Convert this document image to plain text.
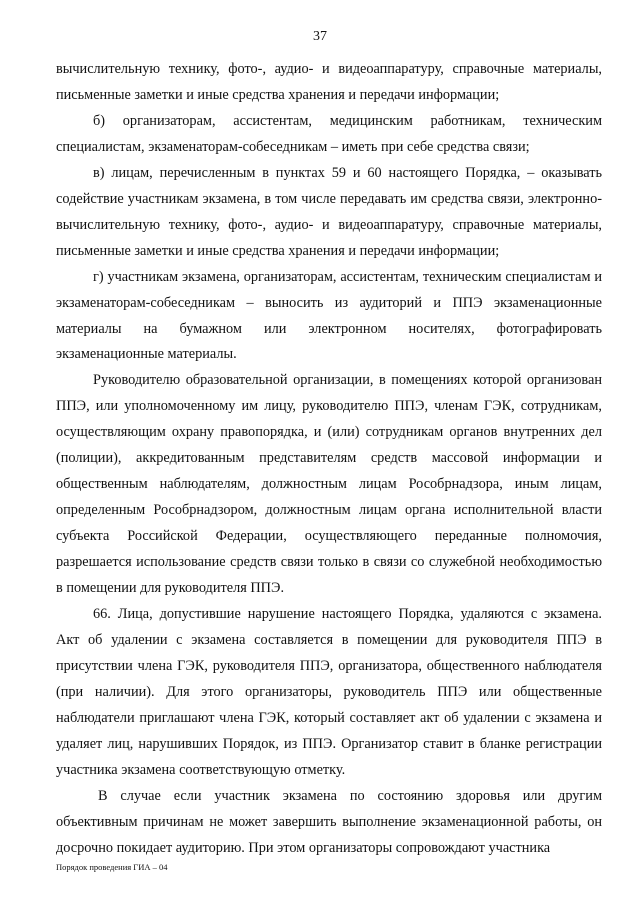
37

вычислительную технику, фото-, аудио- и видеоаппаратуру, справочные материалы, письменные заметки и иные средства хранения и передачи информации;

б) организаторам, ассистентам, медицинским работникам, техническим специалистам, экзаменаторам-собеседникам – иметь при себе средства связи;

в) лицам, перечисленным в пунктах 59 и 60 настоящего Порядка, – оказывать содействие участникам экзамена, в том числе передавать им средства связи, электронно-вычислительную технику, фото-, аудио- и видеоаппаратуру, справочные материалы, письменные заметки и иные средства хранения и передачи информации;

г) участникам экзамена, организаторам, ассистентам, техническим специалистам и экзаменаторам-собеседникам – выносить из аудиторий и ППЭ экзаменационные материалы на бумажном или электронном носителях, фотографировать экзаменационные материалы.

Руководителю образовательной организации, в помещениях которой организован ППЭ, или уполномоченному им лицу, руководителю ППЭ, членам ГЭК, сотрудникам, осуществляющим охрану правопорядка, и (или) сотрудникам органов внутренних дел (полиции), аккредитованным представителям средств массовой информации и общественным наблюдателям, должностным лицам Рособрнадзора, иным лицам, определенным Рособрнадзором, должностным лицам органа исполнительной власти субъекта Российской Федерации, осуществляющего переданные полномочия, разрешается использование средств связи только в связи со служебной необходимостью в помещении для руководителя ППЭ.

66. Лица, допустившие нарушение настоящего Порядка, удаляются с экзамена. Акт об удалении с экзамена составляется в помещении для руководителя ППЭ в присутствии члена ГЭК, руководителя ППЭ, организатора, общественного наблюдателя (при наличии). Для этого организаторы, руководитель ППЭ или общественные наблюдатели приглашают члена ГЭК, который составляет акт об удалении с экзамена и удаляет лиц, нарушивших Порядок, из ППЭ. Организатор ставит в бланке регистрации участника экзамена соответствующую отметку.

В случае если участник экзамена по состоянию здоровья или другим объективным причинам не может завершить выполнение экзаменационной работы, он досрочно покидает аудиторию. При этом организаторы сопровождают участника

Порядок проведения ГИА – 04
